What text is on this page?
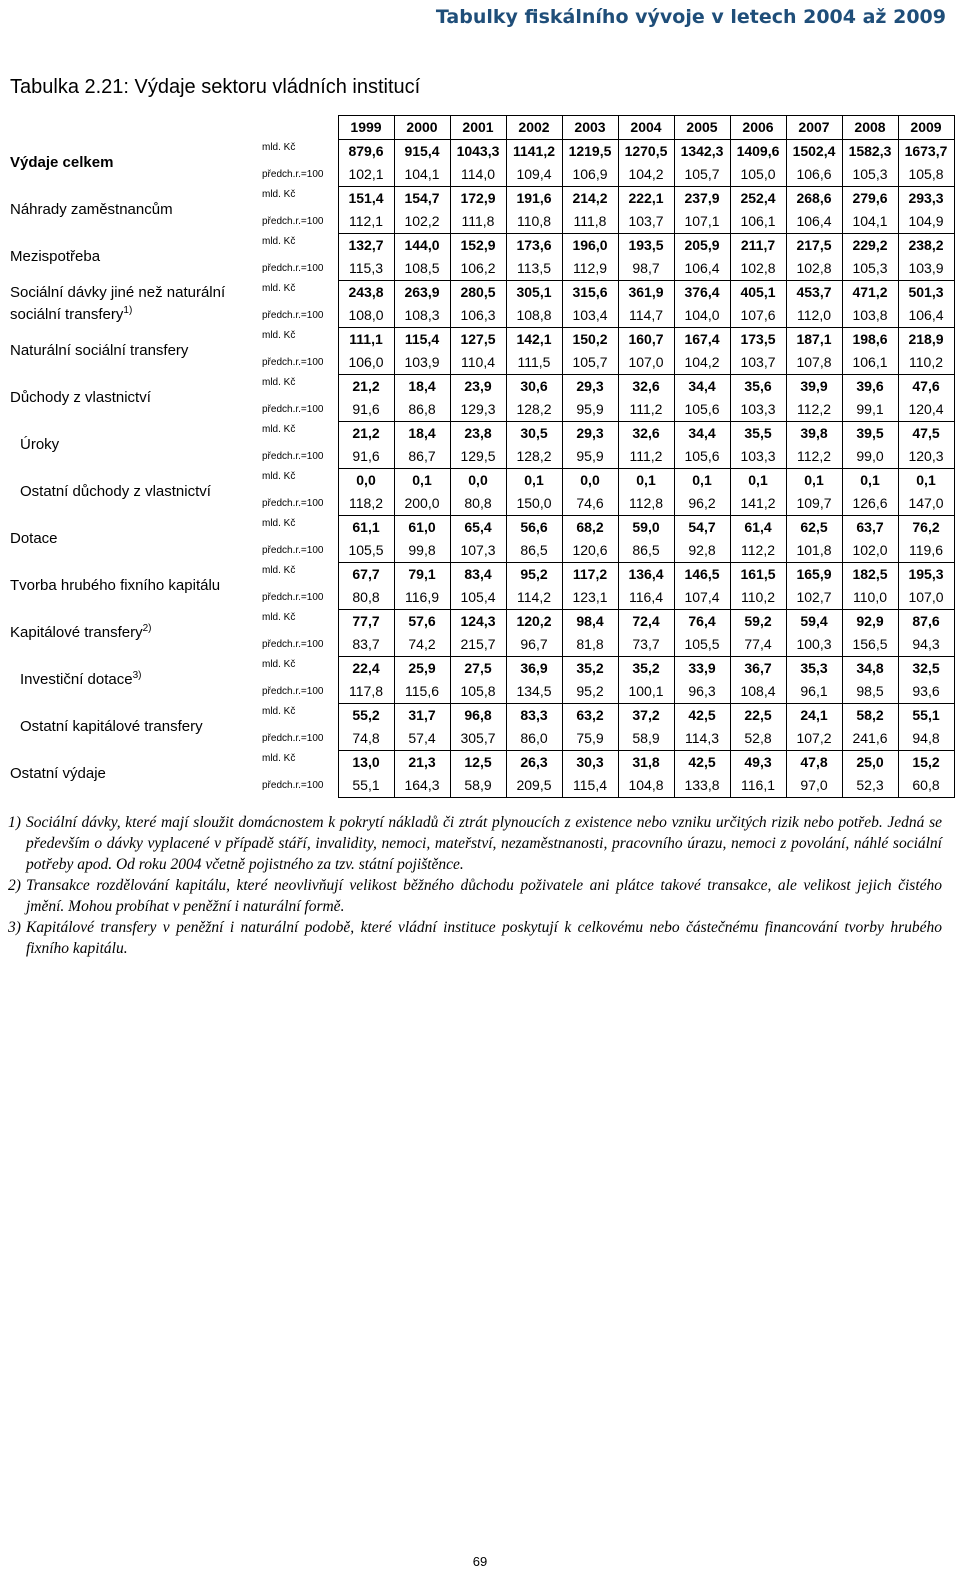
Tabulky fiskálního vývoje v letech 2004 až 2009
Tabulka 2.21: Výdaje sektoru vládních institucí
		1999	2000	2001	2002	2003	2004	2005	2006	2007	2008	2009
Výdaje celkem	mld. Kč	879,6	915,4	1043,3	1141,2	1219,5	1270,5	1342,3	1409,6	1502,4	1582,3	1673,7
	předch.r.=100	102,1	104,1	114,0	109,4	106,9	104,2	105,7	105,0	106,6	105,3	105,8
Náhrady zaměstnancům	mld. Kč	151,4	154,7	172,9	191,6	214,2	222,1	237,9	252,4	268,6	279,6	293,3
	předch.r.=100	112,1	102,2	111,8	110,8	111,8	103,7	107,1	106,1	106,4	104,1	104,9
Mezispotřeba	mld. Kč	132,7	144,0	152,9	173,6	196,0	193,5	205,9	211,7	217,5	229,2	238,2
	předch.r.=100	115,3	108,5	106,2	113,5	112,9	98,7	106,4	102,8	102,8	105,3	103,9
Sociální dávky jiné než naturální sociální transfery$^{1)}$	mld. Kč	243,8	263,9	280,5	305,1	315,6	361,9	376,4	405,1	453,7	471,2	501,3
	předch.r.=100	108,0	108,3	106,3	108,8	103,4	114,7	104,0	107,6	112,0	103,8	106,4
Naturální sociální transfery	mld. Kč	111,1	115,4	127,5	142,1	150,2	160,7	167,4	173,5	187,1	198,6	218,9
	předch.r.=100	106,0	103,9	110,4	111,5	105,7	107,0	104,2	103,7	107,8	106,1	110,2
Důchody z vlastnictví	mld. Kč	21,2	18,4	23,9	30,6	29,3	32,6	34,4	35,6	39,9	39,6	47,6
	předch.r.=100	91,6	86,8	129,3	128,2	95,9	111,2	105,6	103,3	112,2	99,1	120,4
Úroky	mld. Kč	21,2	18,4	23,8	30,5	29,3	32,6	34,4	35,5	39,8	39,5	47,5
	předch.r.=100	91,6	86,7	129,5	128,2	95,9	111,2	105,6	103,3	112,2	99,0	120,3
Ostatní důchody z vlastnictví	mld. Kč	0,0	0,1	0,0	0,1	0,0	0,1	0,1	0,1	0,1	0,1	0,1
	předch.r.=100	118,2	200,0	80,8	150,0	74,6	112,8	96,2	141,2	109,7	126,6	147,0
Dotace	mld. Kč	61,1	61,0	65,4	56,6	68,2	59,0	54,7	61,4	62,5	63,7	76,2
	předch.r.=100	105,5	99,8	107,3	86,5	120,6	86,5	92,8	112,2	101,8	102,0	119,6
Tvorba hrubého fixního kapitálu	mld. Kč	67,7	79,1	83,4	95,2	117,2	136,4	146,5	161,5	165,9	182,5	195,3
	předch.r.=100	80,8	116,9	105,4	114,2	123,1	116,4	107,4	110,2	102,7	110,0	107,0
Kapitálové transfery$^{2)}$	mld. Kč	77,7	57,6	124,3	120,2	98,4	72,4	76,4	59,2	59,4	92,9	87,6
	předch.r.=100	83,7	74,2	215,7	96,7	81,8	73,7	105,5	77,4	100,3	156,5	94,3
Investiční dotace$^{3)}$	mld. Kč	22,4	25,9	27,5	36,9	35,2	35,2	33,9	36,7	35,3	34,8	32,5
	předch.r.=100	117,8	115,6	105,8	134,5	95,2	100,1	96,3	108,4	96,1	98,5	93,6
Ostatní kapitálové transfery	mld. Kč	55,2	31,7	96,8	83,3	63,2	37,2	42,5	22,5	24,1	58,2	55,1
	předch.r.=100	74,8	57,4	305,7	86,0	75,9	58,9	114,3	52,8	107,2	241,6	94,8
Ostatní výdaje	mld. Kč	13,0	21,3	12,5	26,3	30,3	31,8	42,5	49,3	47,8	25,0	15,2
	předch.r.=100	55,1	164,3	58,9	209,5	115,4	104,8	133,8	116,1	97,0	52,3	60,8
1) Sociální dávky, které mají sloužit domácnostem k pokrytí nákladů či ztrát plynoucích z existence nebo vzniku určitých rizik nebo potřeb. Jedná se především o dávky vyplacené v případě stáří, invalidity, nemoci, mateřství, nezaměstnanosti, pracovního úrazu, nemoci z povolání, náhlé sociální potřeby apod. Od roku 2004 včetně pojistného za tzv. státní pojištěnce.
2) Transakce rozdělování kapitálu, které neovlivňují velikost běžného důchodu poživatele ani plátce takové transakce, ale velikost jejich čistého jmění. Mohou probíhat v peněžní i naturální formě.
3) Kapitálové transfery v peněžní i naturální podobě, které vládní instituce poskytují k celkovému nebo částečnému financování tvorby hrubého fixního kapitálu.
69
